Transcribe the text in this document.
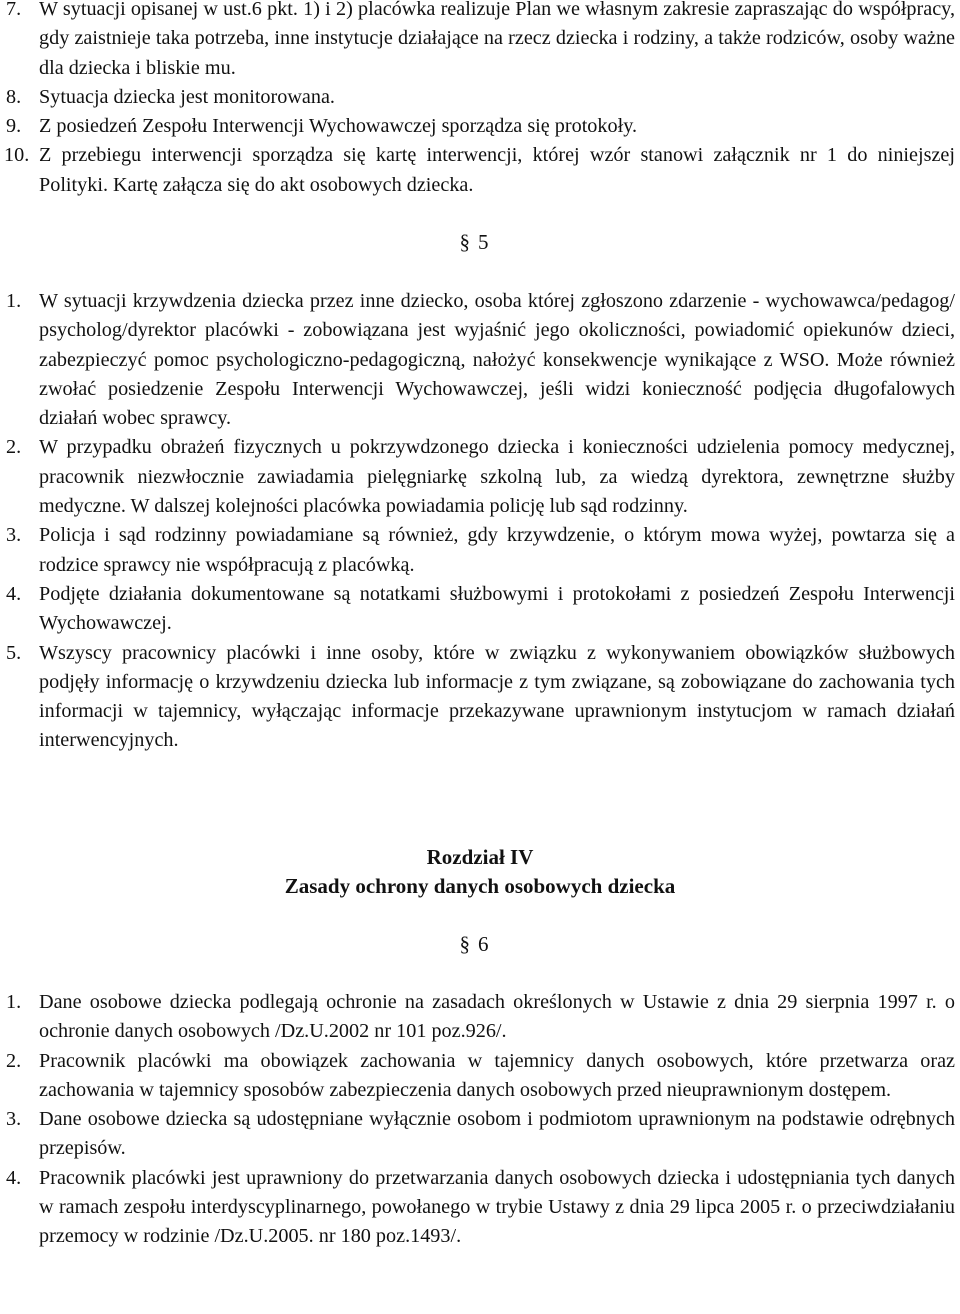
7. W sytuacji opisanej w ust.6 pkt. 1) i 2) placówka realizuje Plan we własnym zakresie zapraszając do współpracy, gdy zaistnieje taka potrzeba, inne instytucje działające na rzecz dziecka i rodziny, a także rodziców, osoby ważne dla dziecka i bliskie mu.
8. Sytuacja dziecka jest monitorowana.
9. Z posiedzeń Zespołu Interwencji Wychowawczej sporządza się protokoły.
10. Z przebiegu interwencji sporządza się kartę interwencji, której wzór stanowi załącznik nr 1 do niniejszej Polityki. Kartę załącza się do akt osobowych dziecka.
§ 5
1. W sytuacji krzywdzenia dziecka przez inne dziecko, osoba której zgłoszono zdarzenie - wychowawca/pedagog/ psycholog/dyrektor placówki - zobowiązana jest wyjaśnić jego okoliczności, powiadomić opiekunów dzieci, zabezpieczyć pomoc psychologiczno-pedagogiczną, nałożyć konsekwencje wynikające z WSO. Może również zwołać posiedzenie Zespołu Interwencji Wychowawczej, jeśli widzi konieczność podjęcia długofalowych działań wobec sprawcy.
2. W przypadku obrażeń fizycznych u pokrzywdzonego dziecka i konieczności udzielenia pomocy medycznej, pracownik niezwłocznie zawiadamia pielęgniarkę szkolną lub, za wiedzą dyrektora, zewnętrzne służby medyczne. W dalszej kolejności placówka powiadamia policję lub sąd rodzinny.
3. Policja i sąd rodzinny powiadamiane są również, gdy krzywdzenie, o którym mowa wyżej, powtarza się a rodzice sprawcy nie współpracują z placówką.
4. Podjęte działania dokumentowane są notatkami służbowymi i protokołami z posiedzeń Zespołu Interwencji Wychowawczej.
5. Wszyscy pracownicy placówki i inne osoby, które w związku z wykonywaniem obowiązków służbowych podjęły informację o krzywdzeniu dziecka lub informacje z tym związane, są zobowiązane do zachowania tych informacji w tajemnicy, wyłączając informacje przekazywane uprawnionym instytucjom w ramach działań interwencyjnych.
Rozdział IV
Zasady ochrony danych osobowych dziecka
§ 6
1. Dane osobowe dziecka podlegają ochronie na zasadach określonych w Ustawie z dnia 29 sierpnia 1997 r. o ochronie danych osobowych /Dz.U.2002 nr 101 poz.926/.
2. Pracownik placówki ma obowiązek zachowania w tajemnicy danych osobowych, które przetwarza oraz zachowania w tajemnicy sposobów zabezpieczenia danych osobowych przed nieuprawnionym dostępem.
3. Dane osobowe dziecka są udostępniane wyłącznie osobom i podmiotom uprawnionym na podstawie odrębnych przepisów.
4. Pracownik placówki jest uprawniony do przetwarzania danych osobowych dziecka i udostępniania tych danych w ramach zespołu interdyscyplinarnego, powołanego w trybie Ustawy z dnia 29 lipca 2005 r. o przeciwdziałaniu przemocy w rodzinie /Dz.U.2005. nr 180 poz.1493/.
